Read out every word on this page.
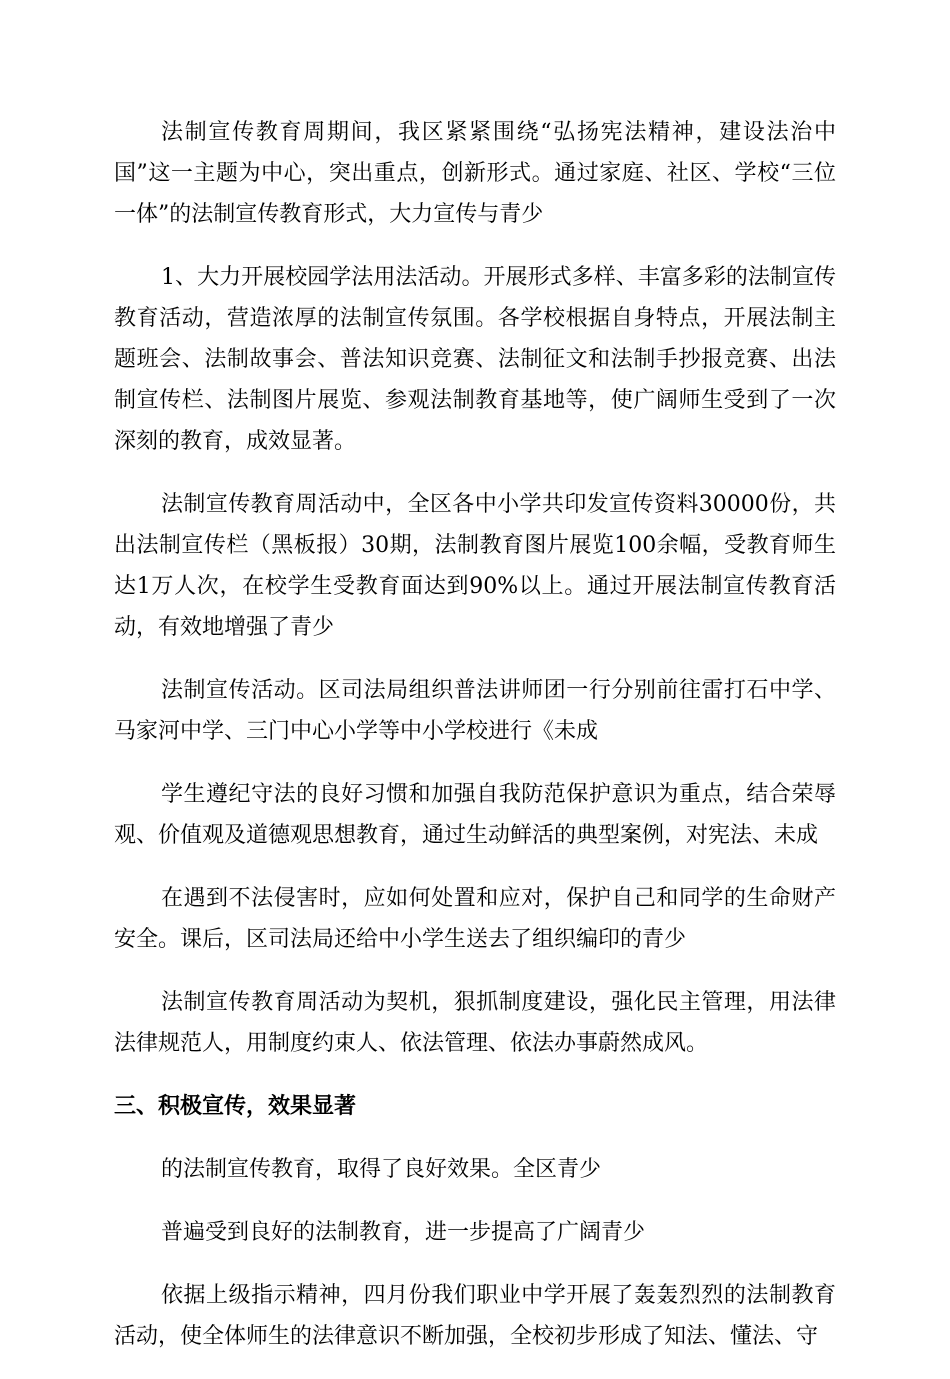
法制宣传教育周期间，我区紧紧围绕“弘扬宪法精神，建设法治中国”这一主题为中心，突出重点，创新形式。通过家庭、社区、学校“三位一体”的法制宣传教育形式，大力宣传与青少

1、大力开展校园学法用法活动。开展形式多样、丰富多彩的法制宣传教育活动，营造浓厚的法制宣传氛围。各学校根据自身特点，开展法制主题班会、法制故事会、普法知识竞赛、法制征文和法制手抄报竞赛、出法制宣传栏、法制图片展览、参观法制教育基地等，使广阔师生受到了一次深刻的教育，成效显著。

法制宣传教育周活动中，全区各中小学共印发宣传资料30000份，共出法制宣传栏（黑板报）30期，法制教育图片展览100余幅，受教育师生达1万人次，在校学生受教育面达到90%以上。通过开展法制宣传教育活动，有效地增强了青少

法制宣传活动。区司法局组织普法讲师团一行分别前往雷打石中学、马家河中学、三门中心小学等中小学校进行《未成

学生遵纪守法的良好习惯和加强自我防范保护意识为重点，结合荣辱观、价值观及道德观思想教育，通过生动鲜活的典型案例，对宪法、未成

在遇到不法侵害时，应如何处置和应对，保护自己和同学的生命财产安全。课后，区司法局还给中小学生送去了组织编印的青少

法制宣传教育周活动为契机，狠抓制度建设，强化民主管理，用法律法律规范人，用制度约束人、依法管理、依法办事蔚然成风。

三、积极宣传，效果显著

的法制宣传教育，取得了良好效果。全区青少

普遍受到良好的法制教育，进一步提高了广阔青少

依据上级指示精神，四月份我们职业中学开展了轰轰烈烈的法制教育活动，使全体师生的法律意识不断加强，全校初步形成了知法、懂法、守
